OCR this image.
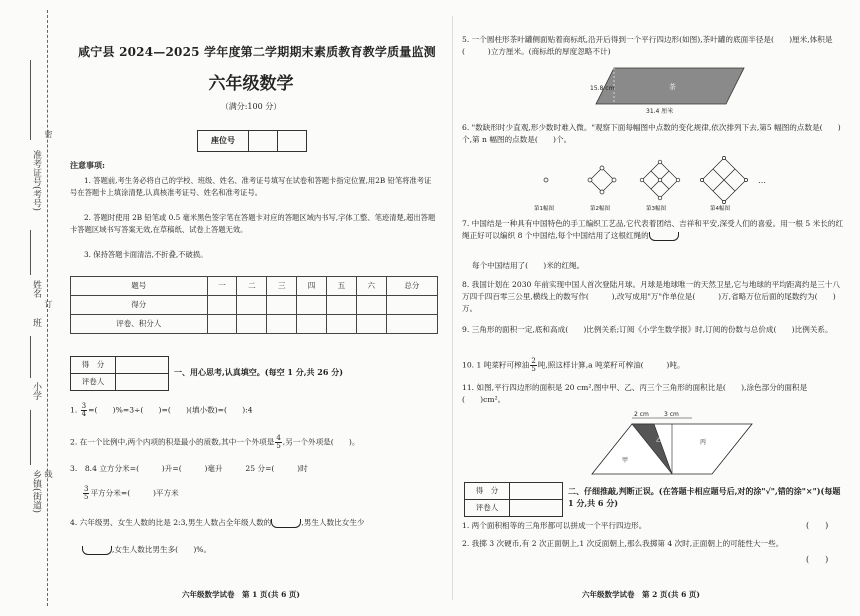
准考证号(考号)
姓名
班
小学
乡镇(街道)
密
订
线
咸宁县 2024—2025 学年度第二学期期末素质教育教学质量监测
六年级数学
（满分:100 分）
座位号
注意事项:
1. 答题前,考生务必将自己的学校、班级、姓名、准考证号填写在试卷和答题卡指定位置,用2B 铅笔将准考证号在答题卡上填涂清楚,认真核准考证号、姓名和准考证号。
2. 答题时使用 2B 铅笔或 0.5 毫米黑色签字笔在答题卡对应的答题区域内书写,字体工整、笔迹清楚,超出答题卡答题区域书写答案无效,在草稿纸、试卷上答题无效。
3. 保持答题卡面清洁,不折叠,不破损。
题号	一	二	三	四	五	六	总分
得分							
评卷、积分人							
得　分
评卷人
一、用心思考,认真填空。(每空 1 分,共 26 分)
1. $\frac{3}{4}$ =(　　)%=3÷(　　)=(　　)(填小数)=(　　):4
2. 在一个比例中,两个内项的积是最小的质数,其中一个外项是 $\frac{4}{5}$ ,另一个外项是(　　)。
3.　8.4 立方分米=(　　　)升=(　　　)毫升　　　25 分=(　　　)时
$\frac{3}{5}$ 平方分米=(　　　)平方米
4. 六年级男、女生人数的比是 2:3,男生人数占全年级人数的	,男生人数比女生少
,女生人数比男生多(　　)%。
六年级数学试卷　第 1 页(共 6 页)
5. 一个圆柱形茶叶罐侧面贴着商标纸,沿开后得到一个平行四边形(如图),茶叶罐的底面半径是(　　)厘米,体积是(　　　)立方厘米。(商标纸的厚度忽略不计)
15.8 cm	茶
31.4 厘米
6. "数缺形时少直观,形少数时难入微。"观察下面每幅图中点数的变化规律,依次排列下去,第5 幅图的点数是(　　)个,第 n 幅图的点数是(　　)个。
…
第1幅图	第2幅图	第3幅图	第4幅图
7. 中国结是一种具有中国特色的手工编织工艺品,它代表着团结、吉祥和平安,深受人们的喜爱。用一根 5 米长的红绳正好可以编织 8 个中国结,每个中国结用了这根红绳的
每个中国结用了(　　)米的红绳。
8. 我国计划在 2030 年前实现中国人首次登陆月球。月球是地球唯一的天然卫星,它与地球的平均距离约是三十八万四千四百零三公里,横线上的数写作(　　　),改写成用"万"作单位是(　　　)万,省略万位后面的尾数约为(　　)万。
9. 三角形的面积一定,底和高成(　　)比例关系;订阅《小学生数学报》时,订阅的份数与总价成(　　)比例关系。
10. 1 吨菜籽可榨油 $\frac{2}{5}$ 吨,照这样计算,a 吨菜籽可榨油(　　　)吨。
11. 如图,平行四边形的面积是 20 cm²,图中甲、乙、丙三个三角形的面积比是(　　),涂色部分的面积是(　　)cm²。
2 cm	3 cm
甲
乙	丙
得　分
评卷人
二、仔细推敲,判断正误。(在答题卡相应题号后,对的涂"√",错的涂"×")(每题 1 分,共 6 分)
1. 两个面积相等的三角形都可以拼成一个平行四边形。	(　　)
2. 我掷 3 次硬币,有 2 次正面朝上,1 次反面朝上,那么我掷第 4 次时,正面朝上的可能性大一些。
(　　)
六年级数学试卷　第 2 页(共 6 页)
